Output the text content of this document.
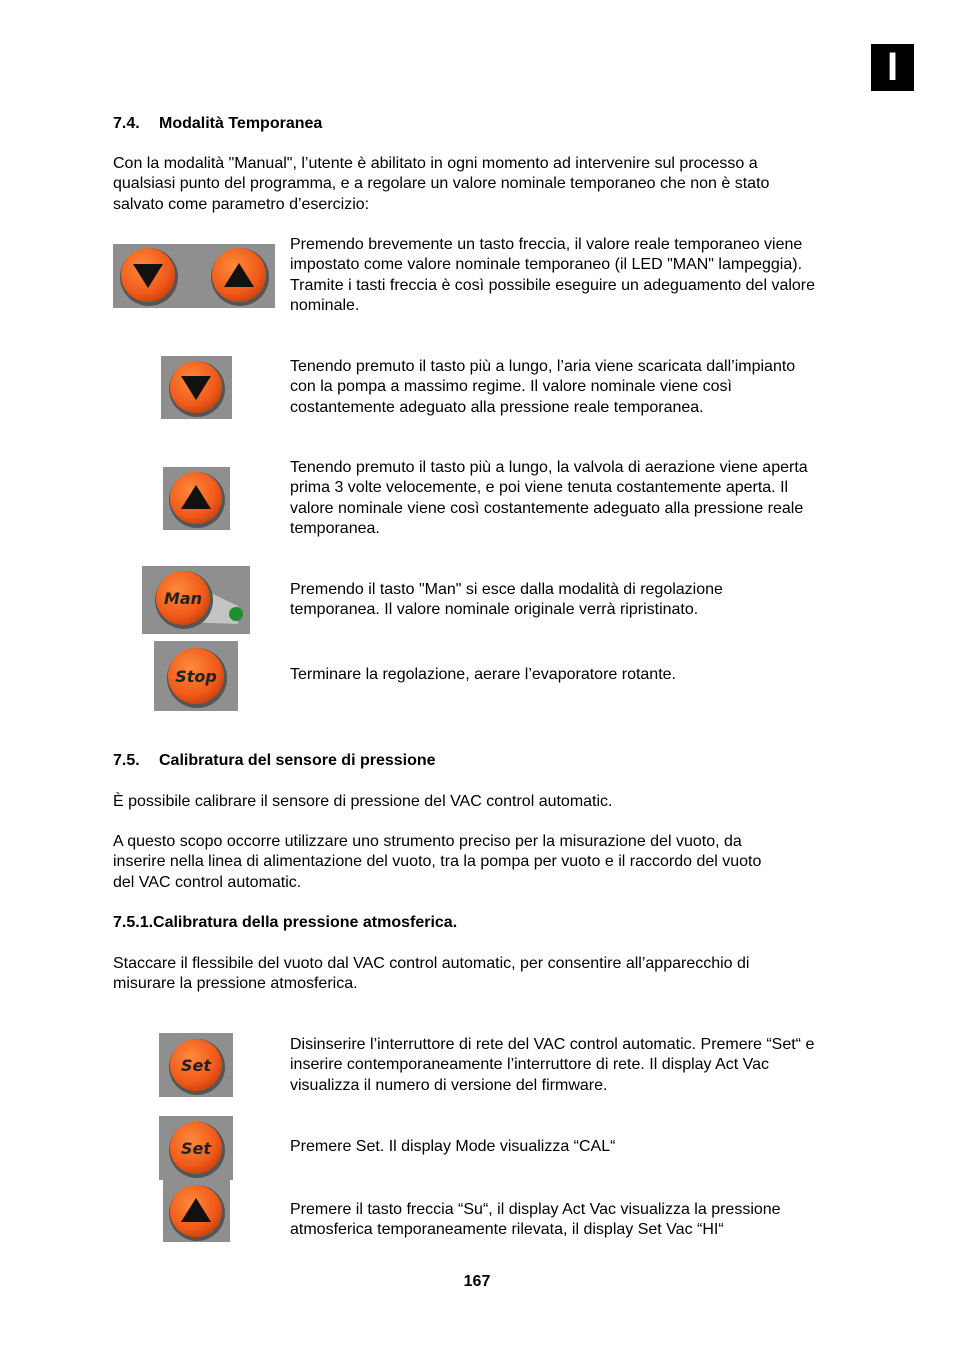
I
7.4. Modalità Temporanea
Con la modalità "Manual", l’utente è abilitato in ogni momento ad intervenire sul processo a
qualsiasi punto del programma, e a regolare un valore nominale temporaneo che non è stato
salvato come parametro d’esercizio:
Premendo brevemente un tasto freccia, il valore reale temporaneo viene
impostato come valore nominale temporaneo (il LED "MAN" lampeggia).
Tramite i tasti freccia è così possibile eseguire un adeguamento del valore
nominale.
Tenendo premuto il tasto più a lungo, l’aria viene scaricata dall’impianto
con la pompa a massimo regime. Il valore nominale viene così
costantemente adeguato alla pressione reale temporanea.
Tenendo premuto il tasto più a lungo, la valvola di aerazione viene aperta
prima 3 volte velocemente, e poi viene tenuta costantemente aperta. Il
valore nominale viene così costantemente adeguato alla pressione reale
temporanea.
Man	Premendo il tasto "Man" si esce dalla modalità di regolazione
temporanea. Il valore nominale originale verrà ripristinato.
Stop	Terminare la regolazione, aerare l’evaporatore rotante.
7.5. Calibratura del sensore di pressione
È possibile calibrare il sensore di pressione del VAC control automatic.
A questo scopo occorre utilizzare uno strumento preciso per la misurazione del vuoto, da
inserire nella linea di alimentazione del vuoto, tra la pompa per vuoto e il raccordo del vuoto
del VAC control automatic.
7.5.1.Calibratura della pressione atmosferica.
Staccare il flessibile del vuoto dal VAC control automatic, per consentire all’apparecchio di
misurare la pressione atmosferica.
Set
Disinserire l’interruttore di rete del VAC control automatic. Premere “Set“ e
inserire contemporaneamente l’interruttore di rete. Il display Act Vac
visualizza il numero di versione del firmware.
Set	Premere Set. Il display Mode visualizza “CAL“
Premere il tasto freccia “Su“, il display Act Vac visualizza la pressione
atmosferica temporaneamente rilevata, il display Set Vac “HI“
167
